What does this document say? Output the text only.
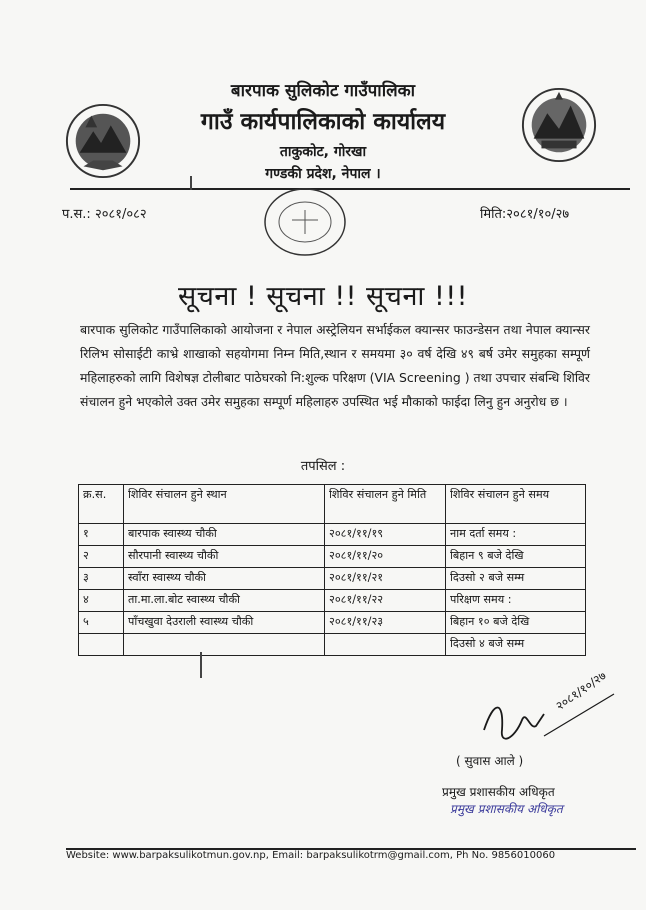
बारपाक सुलिकोट गाउँपालिका
गाउँ कार्यपालिकाको कार्यालय
ताकुकोट, गोरखा
गण्डकी प्रदेश, नेपाल ।
प.स.: २०८१/०८२	मिति:२०८१/१०/२७
सूचना ! सूचना !! सूचना !!!
बारपाक सुलिकोट गाउँपालिकाको आयोजना र नेपाल अस्ट्रेलियन सर्भाईकल क्यान्सर फाउन्डेसन तथा नेपाल क्यान्सर रिलिभ सोसाईटी काभ्रे शाखाको सहयोगमा निम्न मिति,स्थान र समयमा ३० वर्ष देखि ४९ बर्ष उमेर समुहका सम्पूर्ण महिलाहरुको लागि विशेषज्ञ टोलीबाट पाठेघरको नि:शुल्क परिक्षण (VIA Screening ) तथा उपचार संबन्धि शिविर संचालन हुने भएकोले उक्त उमेर समुहका सम्पूर्ण महिलाहरु उपस्थित भई मौकाको फाईदा लिनु हुन अनुरोध छ ।
तपसिल :
क्र.स.	शिविर संचालन हुने स्थान	शिविर संचालन हुने मिति	शिविर संचालन हुने समय
१	बारपाक स्वास्थ्य चौकी	२०८१/११/१९	नाम दर्ता समय :
२	सौरपानी स्वास्थ्य चौकी	२०८१/११/२०	बिहान ९ बजे देखि
३	स्वाँरा स्वास्थ्य चौकी	२०८१/११/२१	दिउसो २ बजे सम्म
४	ता.मा.ला.बोट स्वास्थ्य चौकी	२०८१/११/२२	परिक्षण समय :
५	पाँचखुवा देउराली स्वास्थ्य चौकी	२०८१/११/२३	बिहान १० बजे देखि
			दिउसो ४ बजे सम्म
२०८१/१०/२७
( सुवास आले )
प्रमुख प्रशासकीय अधिकृत
प्रमुख प्रशासकीय अधिकृत
Website: www.barpaksulikotmun.gov.np, Email: barpaksulikotrm@gmail.com, Ph No. 9856010060
